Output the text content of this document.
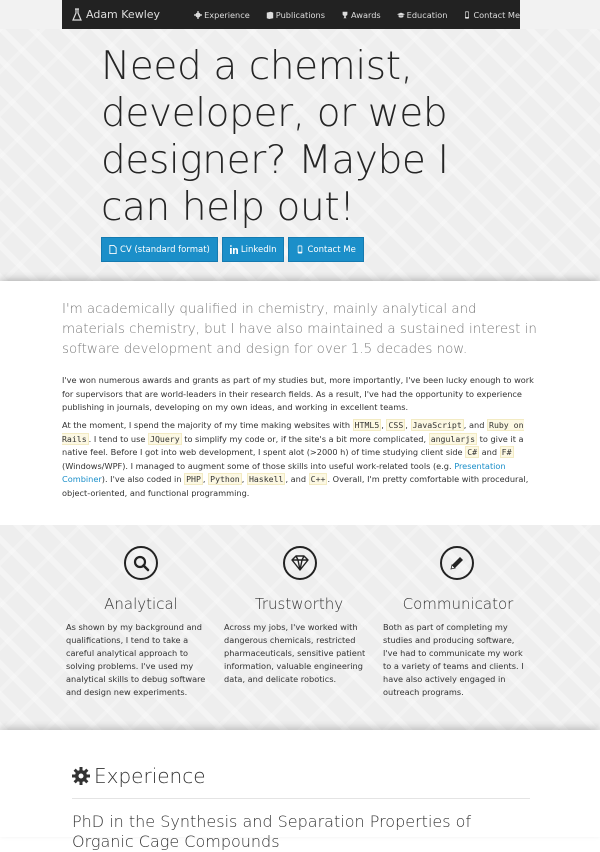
Adam Kewley	Experience	Publications	Awards	Education	Contact Me
Need a chemist, developer, or web designer? Maybe I can help out!
CV (standard format)	LinkedIn	Contact Me

I'm academically qualified in chemistry, mainly analytical and materials chemistry, but I have also maintained a sustained interest in software development and design for over 1.5 decades now.

I've won numerous awards and grants as part of my studies but, more importantly, I've been lucky enough to work for supervisors that are world-leaders in their research fields. As a result, I've had the opportunity to experience publishing in journals, developing on my own ideas, and working in excellent teams.

At the moment, I spend the majority of my time making websites with HTML5 , CSS , JavaScript , and Ruby on Rails . I tend to use JQuery to simplify my code or, if the site's a bit more complicated, angularjs to give it a native feel. Before I got into web development, I spent alot (>2000 h) of time studying client side C# and F# (Windows/WPF). I managed to augment some of those skills into useful work-related tools (e.g. Presentation Combiner). I've also coded in PHP , Python , Haskell , and C++ . Overall, I'm pretty comfortable with procedural, object-oriented, and functional programming.

Analytical
As shown by my background and qualifications, I tend to take a careful analytical approach to solving problems. I've used my analytical skills to debug software and design new experiments.
Trustworthy
Across my jobs, I've worked with dangerous chemicals, restricted pharmaceuticals, sensitive patient information, valuable engineering data, and delicate robotics.
Communicator
Both as part of completing my studies and producing software, I've had to communicate my work to a variety of teams and clients. I have also actively engaged in outreach programs.
Experience
PhD in the Synthesis and Separation Properties of Organic Cage Compounds
